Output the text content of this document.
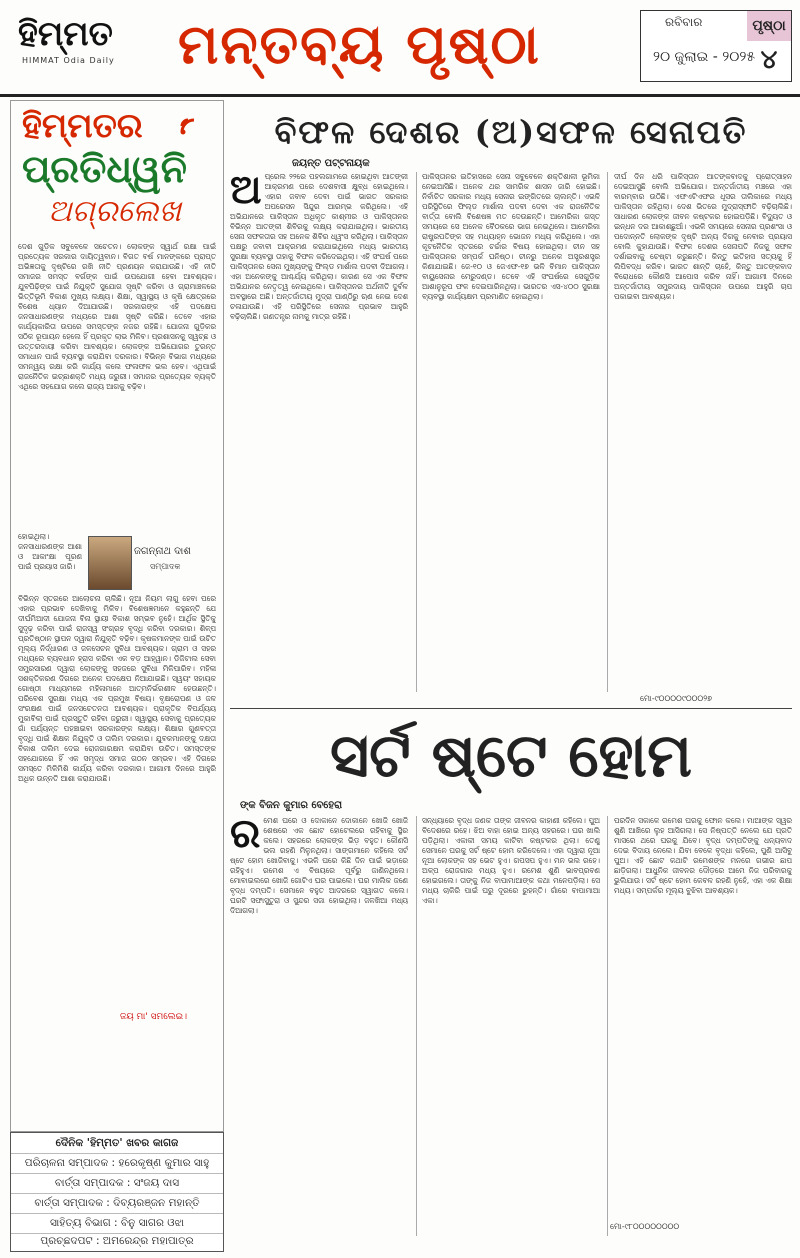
ହିମ୍ମତ
HIMMAT Odia Daily	ମନ୍ତବ୍ୟ ପୃଷ୍ଠା	ରବିବାର	ପୃଷ୍ଠା
୪
୨୦ ଜୁଲାଇ - ୨୦୨୫
ହିମ୍ମତର
ପ୍ରତିଧ୍ୱନି
ଅଗ୍ରଲେଖ
ଦେଶ ଗୁଡ଼ିକ ସବୁବେଳେ ସଚେତନ। ଲୋକଙ୍କ ସ୍ୱାର୍ଥ ରକ୍ଷା ପାଇଁ ପ୍ରତ୍ୟେକ ସରକାର ଦାୟିତ୍ୱବାନ। ବିଗତ ବର୍ଷ ମାନଙ୍କରେ ପ୍ରାପ୍ତ ଅଭିଜ୍ଞତାକୁ ଦୃଷ୍ଟିରେ ରଖି ନୀତି ପ୍ରଣୟନ କରାଯାଉଛି। ଏହି ନୀତି ସମାଜର ସମସ୍ତ ବର୍ଗଙ୍କ ପାଇଁ ଉପଯୋଗୀ ହେବା ଆବଶ୍ୟକ। ଯୁବପିଢ଼ିଙ୍କ ପାଇଁ ନିଯୁକ୍ତି ସୁଯୋଗ ସୃଷ୍ଟି କରିବା ଓ ଗ୍ରାମାଞ୍ଚଳରେ ଭିତ୍ତିଭୂମି ବିକାଶ ମୁଖ୍ୟ ଲକ୍ଷ୍ୟ। ଶିକ୍ଷା, ସ୍ୱାସ୍ଥ୍ୟ ଓ କୃଷି କ୍ଷେତ୍ରରେ ବିଶେଷ ଧ୍ୟାନ ଦିଆଯାଉଛି। ସରକାରଙ୍କ ଏହି ପଦକ୍ଷେପ ଜନସାଧାରଣଙ୍କ ମଧ୍ୟରେ ଆଶା ସୃଷ୍ଟି କରିଛି। ତେବେ ଏହାର କାର୍ଯ୍ୟକାରିତା ଉପରେ ସମସ୍ତଙ୍କ ନଜର ରହିଛି। ଯୋଜନା ଗୁଡ଼ିକର ସଠିକ ରୂପାୟନ ହେଲେ ହିଁ ପ୍ରକୃତ ଲାଭ ମିଳିବ। ପ୍ରଶାସନକୁ ସ୍ୱଚ୍ଛ ଓ ଉତ୍ତରଦାୟୀ କରିବା ଆବଶ୍ୟକ। ଲୋକଙ୍କ ଅଭିଯୋଗର ତୁରନ୍ତ ସମାଧାନ ପାଇଁ ବ୍ୟବସ୍ଥା କରାଯିବା ଦରକାର। ବିଭିନ୍ନ ବିଭାଗ ମଧ୍ୟରେ ସମନ୍ୱୟ ରକ୍ଷା କରି କାର୍ଯ୍ୟ କଲେ ଫଳାଫଳ ଭଲ ହେବ। ଏଥିପାଇଁ ରାଜନୈତିକ ଇଚ୍ଛାଶକ୍ତି ମଧ୍ୟ ଜରୁରୀ। ସମାଜର ପ୍ରତ୍ୟେକ ବ୍ୟକ୍ତି ଏଥିରେ ସହଯୋଗ କଲେ ରାଜ୍ୟ ଆଗକୁ ବଢ଼ିବ।
ହୋଇଥିଲା। ଜନସାଧାରଣଙ୍କ ଆଶା ଓ ଆକାଂକ୍ଷା ପୂରଣ ପାଇଁ ପ୍ରୟାସ ଜାରି।
ଜଗନ୍ନାଥ ଦାଶ
ସମ୍ପାଦକ
ବିଭିନ୍ନ ସ୍ତରରେ ଆଲୋଚନା ଚାଲିଛି। ନୂଆ ନିୟମ ଲାଗୁ ହେବା ପରେ ଏହାର ପ୍ରଭାବ ଦେଖିବାକୁ ମିଳିବ। ବିଶେଷଜ୍ଞମାନେ କହୁଛନ୍ତି ଯେ ଦୀର୍ଘମିଆଦୀ ଯୋଜନା ବିନା ସ୍ଥାୟୀ ବିକାଶ ସମ୍ଭବ ନୁହେଁ। ଆର୍ଥିକ ସ୍ଥିତିକୁ ସୁଦୃଢ଼ କରିବା ପାଇଁ ରାଜସ୍ୱ ସଂଗ୍ରହ ବୃଦ୍ଧି କରିବା ଦରକାର। ଶିଳ୍ପ ପ୍ରତିଷ୍ଠାନ ସ୍ଥାପନ ଦ୍ୱାରା ନିଯୁକ୍ତି ବଢ଼ିବ। କୃଷକମାନଙ୍କ ପାଇଁ ଉଚିତ ମୂଲ୍ୟ ନିର୍ଦ୍ଧାରଣ ଓ ଜଳସେଚନ ସୁବିଧା ଆବଶ୍ୟକ। ଗ୍ରାମ ଓ ସହର ମଧ୍ୟରେ ବ୍ୟବଧାନ ହ୍ରାସ କରିବା ଏକ ବଡ଼ ଆହ୍ୱାନ। ଡିଜିଟାଲ ସେବା ସମ୍ପ୍ରସାରଣ ଦ୍ୱାରା ଲୋକଙ୍କୁ ସହଜରେ ସୁବିଧା ମିଳିପାରିବ। ମହିଳା ସଶକ୍ତିକରଣ ଦିଗରେ ଅନେକ ପଦକ୍ଷେପ ନିଆଯାଇଛି। ସ୍ୱୟଂ ସହାୟକ ଗୋଷ୍ଠୀ ମାଧ୍ୟମରେ ମହିଳାମାନେ ଆତ୍ମନିର୍ଭରଶୀଳ ହେଉଛନ୍ତି। ପରିବେଶ ସୁରକ୍ଷା ମଧ୍ୟ ଏକ ପ୍ରମୁଖ ବିଷୟ। ବୃକ୍ଷରୋପଣ ଓ ଜଳ ସଂରକ୍ଷଣ ପାଇଁ ଜନସଚେତନତା ଆବଶ୍ୟକ। ପ୍ରାକୃତିକ ବିପର୍ଯ୍ୟୟ ମୁକାବିଲା ପାଇଁ ପ୍ରସ୍ତୁତି ରହିବା ଜରୁରୀ। ସ୍ୱାସ୍ଥ୍ୟ ସେବାକୁ ପ୍ରତ୍ୟେକ ଗାଁ ପର୍ଯ୍ୟନ୍ତ ପହଞ୍ଚାଇବା ସରକାରଙ୍କ ଲକ୍ଷ୍ୟ। ଶିକ୍ଷାର ଗୁଣବତ୍ତା ବୃଦ୍ଧି ପାଇଁ ଶିକ୍ଷକ ନିଯୁକ୍ତି ଓ ତାଲିମ ଦରକାର। ଯୁବକମାନଙ୍କୁ ଦକ୍ଷତା ବିକାଶ ତାଲିମ ଦେଇ ରୋଜଗାରକ୍ଷମ କରାଯିବା ଉଚିତ। ସମସ୍ତଙ୍କ ସହଯୋଗରେ ହିଁ ଏକ ସମୃଦ୍ଧ ସମାଜ ଗଠନ ସମ୍ଭବ। ଏହି ଦିଗରେ ସମସ୍ତେ ମିଳିମିଶି କାର୍ଯ୍ୟ କରିବା ଦରକାର। ଆଗାମୀ ଦିନରେ ଆହୁରି ଅଧିକ ଉନ୍ନତି ଆଶା କରାଯାଉଛି।
ଜୟ ମା' ସମଲେଇ।
ଦୈନିକ 'ହିମ୍ମତ' ଖବର କାଗଜ
ପରିଚାଳନା ସମ୍ପାଦକ : ହରେକୃଷ୍ଣ କୁମାର ସାହୁ
ବାର୍ତ୍ତା ସମ୍ପାଦକ : ସଂଜୟ ଦାସ
ବାର୍ତ୍ତା ସମ୍ପାଦକ : ଦିବ୍ୟରଞ୍ଜନ ମହାନ୍ତି
ସାହିତ୍ୟ ବିଭାଗ : ବିନୁ ସାଗର ଓଝା
ପ୍ରଚ୍ଛଦପଟ : ଅମରେନ୍ଦ୍ର ମହାପାତ୍ର
ବିଫଳ ଦେଶର (ଅ)ସଫଳ ସେନାପତି
ଜୟନ୍ତ ପଟ୍ଟନାୟକ
ଅପ୍ରେଲ ୨୨ରେ ପହଲଗାମରେ ହୋଇଥିବା ଆତଙ୍କୀ ଆକ୍ରମଣ ପରେ ଦେଶବାସୀ କ୍ଷୁବ୍ଧ ହୋଇଥିଲେ। ଏହାର ଜବାବ ଦେବା ପାଇଁ ଭାରତ ସରକାର ଅପରେସନ ସିନ୍ଦୁର ଆରମ୍ଭ କରିଥିଲେ। ଏହି ଅଭିଯାନରେ ପାକିସ୍ତାନ ଅଧିକୃତ କାଶ୍ମୀର ଓ ପାକିସ୍ତାନର ବିଭିନ୍ନ ଆତଙ୍କୀ ଶିବିରକୁ ଲକ୍ଷ୍ୟ କରାଯାଇଥିଲା। ଭାରତୀୟ ସେନା ସଫଳତାର ସହ ଅନେକ ଶିବିର ଧ୍ୱଂସ କରିଥିଲା। ପାକିସ୍ତାନ ପକ୍ଷରୁ ଜବାବୀ ଆକ୍ରମଣ କରାଯାଇଥିଲେ ମଧ୍ୟ ଭାରତୀୟ ସୁରକ୍ଷା ବ୍ୟବସ୍ଥା ତାହାକୁ ବିଫଳ କରିଦେଇଥିଲା। ଏହି ସଂଘର୍ଷ ପରେ ପାକିସ୍ତାନର ସେନା ମୁଖ୍ୟଙ୍କୁ ଫିଲ୍ଡ ମାର୍ଶାଲ ପଦବୀ ଦିଆଗଲା। ଏହା ଅନେକଙ୍କୁ ଆଶ୍ଚର୍ଯ୍ୟ କରିଥିଲା। କାରଣ ସେ ଏକ ବିଫଳ ଅଭିଯାନର ନେତୃତ୍ୱ ନେଇଥିଲେ। ପାକିସ୍ତାନର ଅର୍ଥନୀତି ଦୁର୍ବଳ ଅବସ୍ଥାରେ ଅଛି। ଅନ୍ତର୍ଜାତୀୟ ମୁଦ୍ରା ପାଣ୍ଠିରୁ ଋଣ ନେଇ ଦେଶ ଚଳାଯାଉଛି। ଏହି ପରିସ୍ଥିତିରେ ସେନାର ପ୍ରଭାବ ଆହୁରି ବଢ଼ିଚାଲିଛି। ଗଣତନ୍ତ୍ର ନାମକୁ ମାତ୍ର ରହିଛି।
ପାକିସ୍ତାନର ଇତିହାସରେ ସେନା ସବୁବେଳେ ଶକ୍ତିଶାଳୀ ଭୂମିକା ନେଇଆସିଛି। ଅନେକ ଥର ସାମରିକ ଶାସନ ଜାରି ହୋଇଛି। ନିର୍ବାଚିତ ସରକାର ମଧ୍ୟ ସେନାର ଇଙ୍ଗିତରେ ଚାଲନ୍ତି। ଏଭଳି ପରିସ୍ଥିତିରେ ଫିଲ୍ଡ ମାର୍ଶାଲ ପଦବୀ ଦେବା ଏକ ରାଜନୈତିକ ବାର୍ତ୍ତା ବୋଲି ବିଶେଷଜ୍ଞ ମତ ଦେଉଛନ୍ତି। ଆମେରିକା ଗସ୍ତ ସମୟରେ ସେ ଅନେକ ବୈଠକରେ ଭାଗ ନେଇଥିଲେ। ଆମେରିକା ରାଷ୍ଟ୍ରପତିଙ୍କ ସହ ମଧ୍ୟାହ୍ନ ଭୋଜନ ମଧ୍ୟ କରିଥିଲେ। ଏହା କୂଟନୈତିକ ସ୍ତରରେ ଚର୍ଚ୍ଚାର ବିଷୟ ହୋଇଥିଲା। ଚୀନ ସହ ପାକିସ୍ତାନର ସମ୍ପର୍କ ଘନିଷ୍ଠ। ଚୀନରୁ ଅନେକ ଅସ୍ତ୍ରଶସ୍ତ୍ର କିଣାଯାଇଛି। ଜେ-୧୦ ଓ ଜେଏଫ-୧୭ ଭଳି ବିମାନ ପାକିସ୍ତାନ ବାୟୁସେନାର ମେରୁଦଣ୍ଡ। ତେବେ ଏହି ସଂଘର୍ଷରେ ସେଗୁଡ଼ିକ ଆଶାନୁରୂପ ଫଳ ଦେଇପାରିନଥିଲା। ଭାରତର ଏସ-୪୦୦ ସୁରକ୍ଷା ବ୍ୟବସ୍ଥା କାର୍ଯ୍ୟକ୍ଷମ ପ୍ରମାଣିତ ହୋଇଥିଲା।
ଦୀର୍ଘ ଦିନ ଧରି ପାକିସ୍ତାନ ଆତଙ୍କବାଦକୁ ପ୍ରୋତ୍ସାହନ ଦେଇଆସୁଛି ବୋଲି ଅଭିଯୋଗ। ଅନ୍ତର୍ଜାତୀୟ ମଞ୍ଚରେ ଏହା ବାରମ୍ବାର ଉଠିଛି। ଏଫଏଟିଏଫର ଧୂସର ତାଲିକାରେ ମଧ୍ୟ ପାକିସ୍ତାନ ରହିଥିଲା। ଦେଶ ଭିତରେ ମୁଦ୍ରାସ୍ଫୀତି ବଢ଼ିଚାଲିଛି। ସାଧାରଣ ଲୋକଙ୍କ ଜୀବନ କଷ୍ଟକର ହୋଇପଡ଼ିଛି। ବିଦ୍ୟୁତ ଓ ଇନ୍ଧନ ଦର ଆକାଶଛୁଆଁ। ଏଭଳି ସମୟରେ ସେନାର ପ୍ରଶଂସା ଓ ପଦୋନ୍ନତି ଲୋକଙ୍କ ଦୃଷ୍ଟି ଅନ୍ୟ ଦିଗକୁ ନେବାର ପ୍ରୟାସ ବୋଲି କୁହାଯାଉଛି। ବିଫଳ ଦେଶର ସେନାପତି ନିଜକୁ ସଫଳ ଦର୍ଶାଇବାକୁ ଚେଷ୍ଟା କରୁଛନ୍ତି। କିନ୍ତୁ ଇତିହାସ ସତ୍ୟକୁ ହିଁ ଲିପିବଦ୍ଧ କରିବ। ଭାରତ ଶାନ୍ତି ଚାହେଁ, କିନ୍ତୁ ଆତଙ୍କବାଦ ବିରୋଧରେ କୌଣସି ଆପୋସ କରିବ ନାହିଁ। ଆଗାମୀ ଦିନରେ ଅନ୍ତର୍ଜାତୀୟ ସମ୍ପ୍ରଦାୟ ପାକିସ୍ତାନ ଉପରେ ଆହୁରି ଚାପ ପକାଇବା ଆବଶ୍ୟକ।
ମୋ-୯୦୦୦୦୯୦୦୦୨୭
ସର୍ଟ ଷ୍ଟେ ହୋମ
ଙ୍କ ବିଜନ କୁମାର ବେହେରା
ରମେଶ ଘରେ ଓ ଦୋକାନେ ଦୋକାନେ ଖୋଜି ଖୋଜି ଶେଷରେ ଏକ ଛୋଟ ହୋଟେଲରେ ରହିବାକୁ ସ୍ଥିର କଲେ। ସହରରେ ଲୋକଙ୍କ ଭିଡ଼ ବହୁତ। କୌଣସି ଭଲ ରହଣି ମିଳୁନଥିଲା। ସାଙ୍ଗମାନେ କହିଲେ ସର୍ଟ ଷ୍ଟେ ହୋମ ଖୋଜିବାକୁ। ଏଭଳି ଘରେ କିଛି ଦିନ ପାଇଁ ଭଡ଼ାରେ ରହିହୁଏ। ରମେଶ ଏ ବିଷୟରେ ପୂର୍ବରୁ ଜାଣିନଥିଲେ। ମୋବାଇଲରେ ଖୋଜି ଗୋଟିଏ ଘର ପାଇଲେ। ଘର ମାଲିକ ଜଣେ ବୃଦ୍ଧ ଦମ୍ପତି। ସେମାନେ ବହୁତ ଆଦରରେ ସ୍ୱାଗତ କଲେ। ଘରଟି ସଫାସୁତୁରା ଓ ସୁନ୍ଦର ସଜା ହୋଇଥିଲା। ଜଳଖିଆ ମଧ୍ୟ ଦିଆଗଲା।
ସନ୍ଧ୍ୟାରେ ବୃଦ୍ଧ ଜଣକ ତାଙ୍କ ଜୀବନର କାହାଣୀ କହିଲେ। ପୁଅ ବିଦେଶରେ ରହେ। ଝିଅ ବାହା ହୋଇ ଅନ୍ୟ ସହରରେ। ଘର ଖାଲି ପଡ଼ିଥିଲା। ଏକାକୀ ସମୟ କାଟିବା କଷ୍ଟକର ଥିଲା। ତେଣୁ ସେମାନେ ଘରକୁ ସର୍ଟ ଷ୍ଟେ ହୋମ କରିଦେଲେ। ଏହା ଦ୍ୱାରା ନୂଆ ନୂଆ ଲୋକଙ୍କ ସହ ଭେଟ ହୁଏ। ଗପସପ ହୁଏ। ମନ ଭଲ ରହେ। ଅଳ୍ପ ରୋଜଗାର ମଧ୍ୟ ହୁଏ। ରମେଶ ଶୁଣି ଭାବପ୍ରବଣ ହୋଇଗଲେ। ତାଙ୍କୁ ନିଜ ବାପାମାଆଙ୍କ କଥା ମନେପଡ଼ିଲା। ସେ ମଧ୍ୟ ଚାକିରି ପାଇଁ ଘରୁ ଦୂରରେ ରୁହନ୍ତି। ଗାଁରେ ବାପାମାଆ ଏକା।
ପରଦିନ ସକାଳେ ରମେଶ ଘରକୁ ଫୋନ କଲେ। ମାଆଙ୍କ ସ୍ୱର ଶୁଣି ଆଖିରେ ଲୁହ ଆସିଗଲା। ସେ ନିଷ୍ପତ୍ତି ନେଲେ ଯେ ପ୍ରତି ମାସରେ ଥରେ ଘରକୁ ଯିବେ। ବୃଦ୍ଧ ଦମ୍ପତିଙ୍କୁ ଧନ୍ୟବାଦ ଦେଇ ବିଦାୟ ନେଲେ। ଯିବା ବେଳେ ବୃଦ୍ଧା କହିଲେ, ପୁଣି ଆସିବୁ ପୁଅ। ଏହି ଛୋଟ କଥାଟି ରମେଶଙ୍କ ମନରେ ଗଭୀର ଛାପ ଛାଡ଼ିଗଲା। ଆଧୁନିକ ଜୀବନର ଦୌଡ଼ରେ ଆମେ ନିଜ ପରିବାରକୁ ଭୁଲିଯାଉ। ସର୍ଟ ଷ୍ଟେ ହୋମ କେବଳ ରହଣି ନୁହେଁ, ଏହା ଏକ ଶିକ୍ଷା ମଧ୍ୟ। ସମ୍ପର୍କର ମୂଲ୍ୟ ବୁଝିବା ଆବଶ୍ୟକ।
ମୋ-୯୮୦୦୦୦୦୦୦୦
